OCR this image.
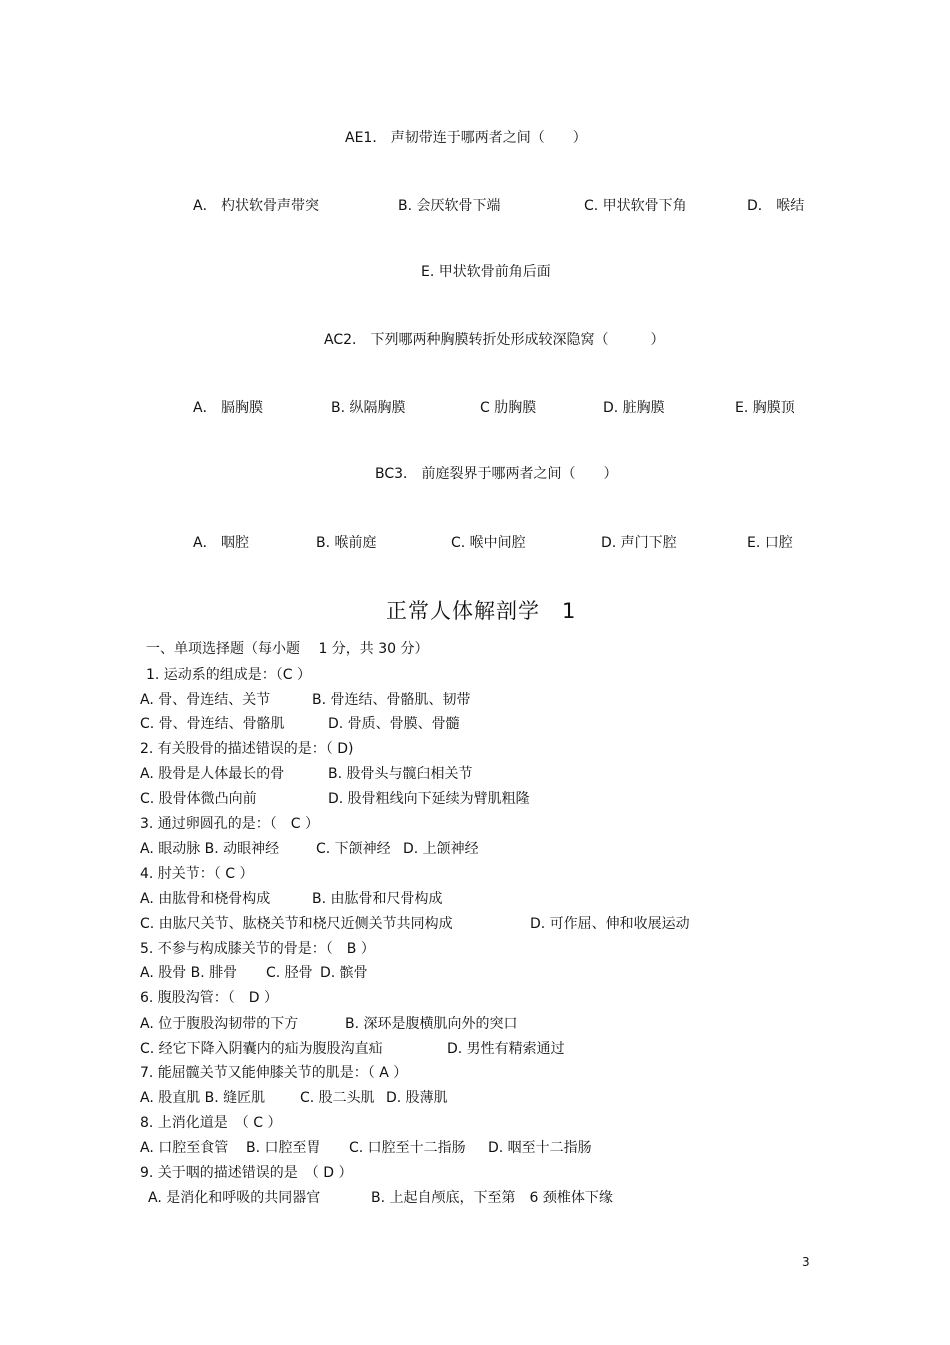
AE1． 声韧带连于哪两者之间（　　）
A． 杓状软骨声带突	B. 会厌软骨下端	C. 甲状软骨下角	D． 喉结
E. 甲状软骨前角后面
AC2． 下列哪两种胸膜转折处形成较深隐窝（　　　）
A． 膈胸膜	B. 纵隔胸膜	C 肋胸膜	D. 脏胸膜	E. 胸膜顶
BC3． 前庭裂界于哪两者之间（　　）
A． 咽腔	B. 喉前庭	C. 喉中间腔	D. 声门下腔	E. 口腔
正常人体解剖学　1
一、单项选择题（每小题　 1 分，共 30 分）
1. 运动系的组成是：（C ）
A. 骨、骨连结、关节	B. 骨连结、骨骼肌、韧带
C. 骨、骨连结、骨骼肌	D. 骨质、骨膜、骨髓
2. 有关股骨的描述错误的是：（ D)
A. 股骨是人体最长的骨	B. 股骨头与髋臼相关节
C. 股骨体微凸向前	D. 股骨粗线向下延续为臂肌粗隆
3. 通过卵圆孔的是：（　C ）
A. 眼动脉 B. 动眼神经	C. 下颌神经 D. 上颌神经
4. 肘关节：（ C ）
A. 由肱骨和桡骨构成	B. 由肱骨和尺骨构成
C. 由肱尺关节、肱桡关节和桡尺近侧关节共同构成	D. 可作屈、伸和收展运动
5. 不参与构成膝关节的骨是：（　B ）
A. 股骨 B. 腓骨 C. 胫骨 D. 髌骨
6. 腹股沟管：（　D ）
A. 位于腹股沟韧带的下方	B. 深环是腹横肌向外的突口
C. 经它下降入阴囊内的疝为腹股沟直疝	D. 男性有精索通过
7. 能屈髋关节又能伸膝关节的肌是：（ A ）
A. 股直肌 B. 缝匠肌 C. 股二头肌 D. 股薄肌
8. 上消化道是　（ C ）
A. 口腔至食管 B. 口腔至胃 C. 口腔至十二指肠 D. 咽至十二指肠
9. 关于咽的描述错误的是　（ D ）
A. 是消化和呼吸的共同器官	B. 上起自颅底，下至第　6 颈椎体下缘
3
